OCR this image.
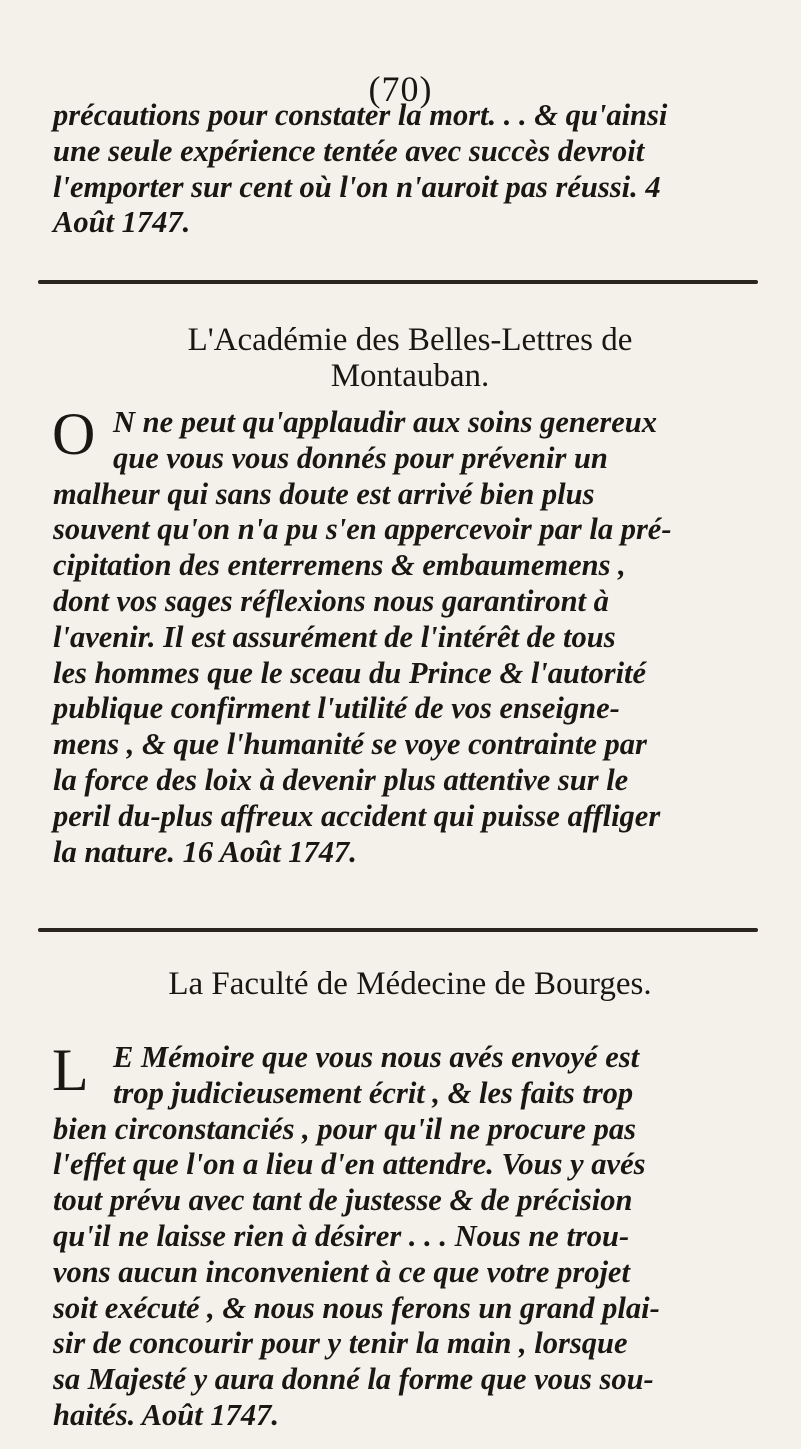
(70)
précautions pour constater la mort. . . & qu'ainsi
une seule expérience tentée avec succès devroit
l'emporter sur cent où l'on n'auroit pas réussi. 4
Août 1747.
L'Académie des Belles-Lettres de
Montauban.
O N ne peut qu'applaudir aux soins genereux
que vous vous donnés pour prévenir un
malheur qui sans doute est arrivé bien plus
souvent qu'on n'a pu s'en appercevoir par la pré-
cipitation des enterremens & embaumemens ,
dont vos sages réflexions nous garantiront à
l'avenir. Il est assurément de l'intérêt de tous
les hommes que le sceau du Prince & l'autorité
publique confirment l'utilité de vos enseigne-
mens , & que l'humanité se voye contrainte par
la force des loix à devenir plus attentive sur le
peril du-plus affreux accident qui puisse affliger
la nature. 16 Août 1747.
La Faculté de Médecine de Bourges.
L E Mémoire que vous nous avés envoyé est
trop judicieusement écrit , & les faits trop
bien circonstanciés , pour qu'il ne procure pas
l'effet que l'on a lieu d'en attendre. Vous y avés
tout prévu avec tant de justesse & de précision
qu'il ne laisse rien à désirer . . . Nous ne trou-
vons aucun inconvenient à ce que votre projet
soit exécuté , & nous nous ferons un grand plai-
sir de concourir pour y tenir la main , lorsque
sa Majesté y aura donné la forme que vous sou-
haités. Août 1747.
